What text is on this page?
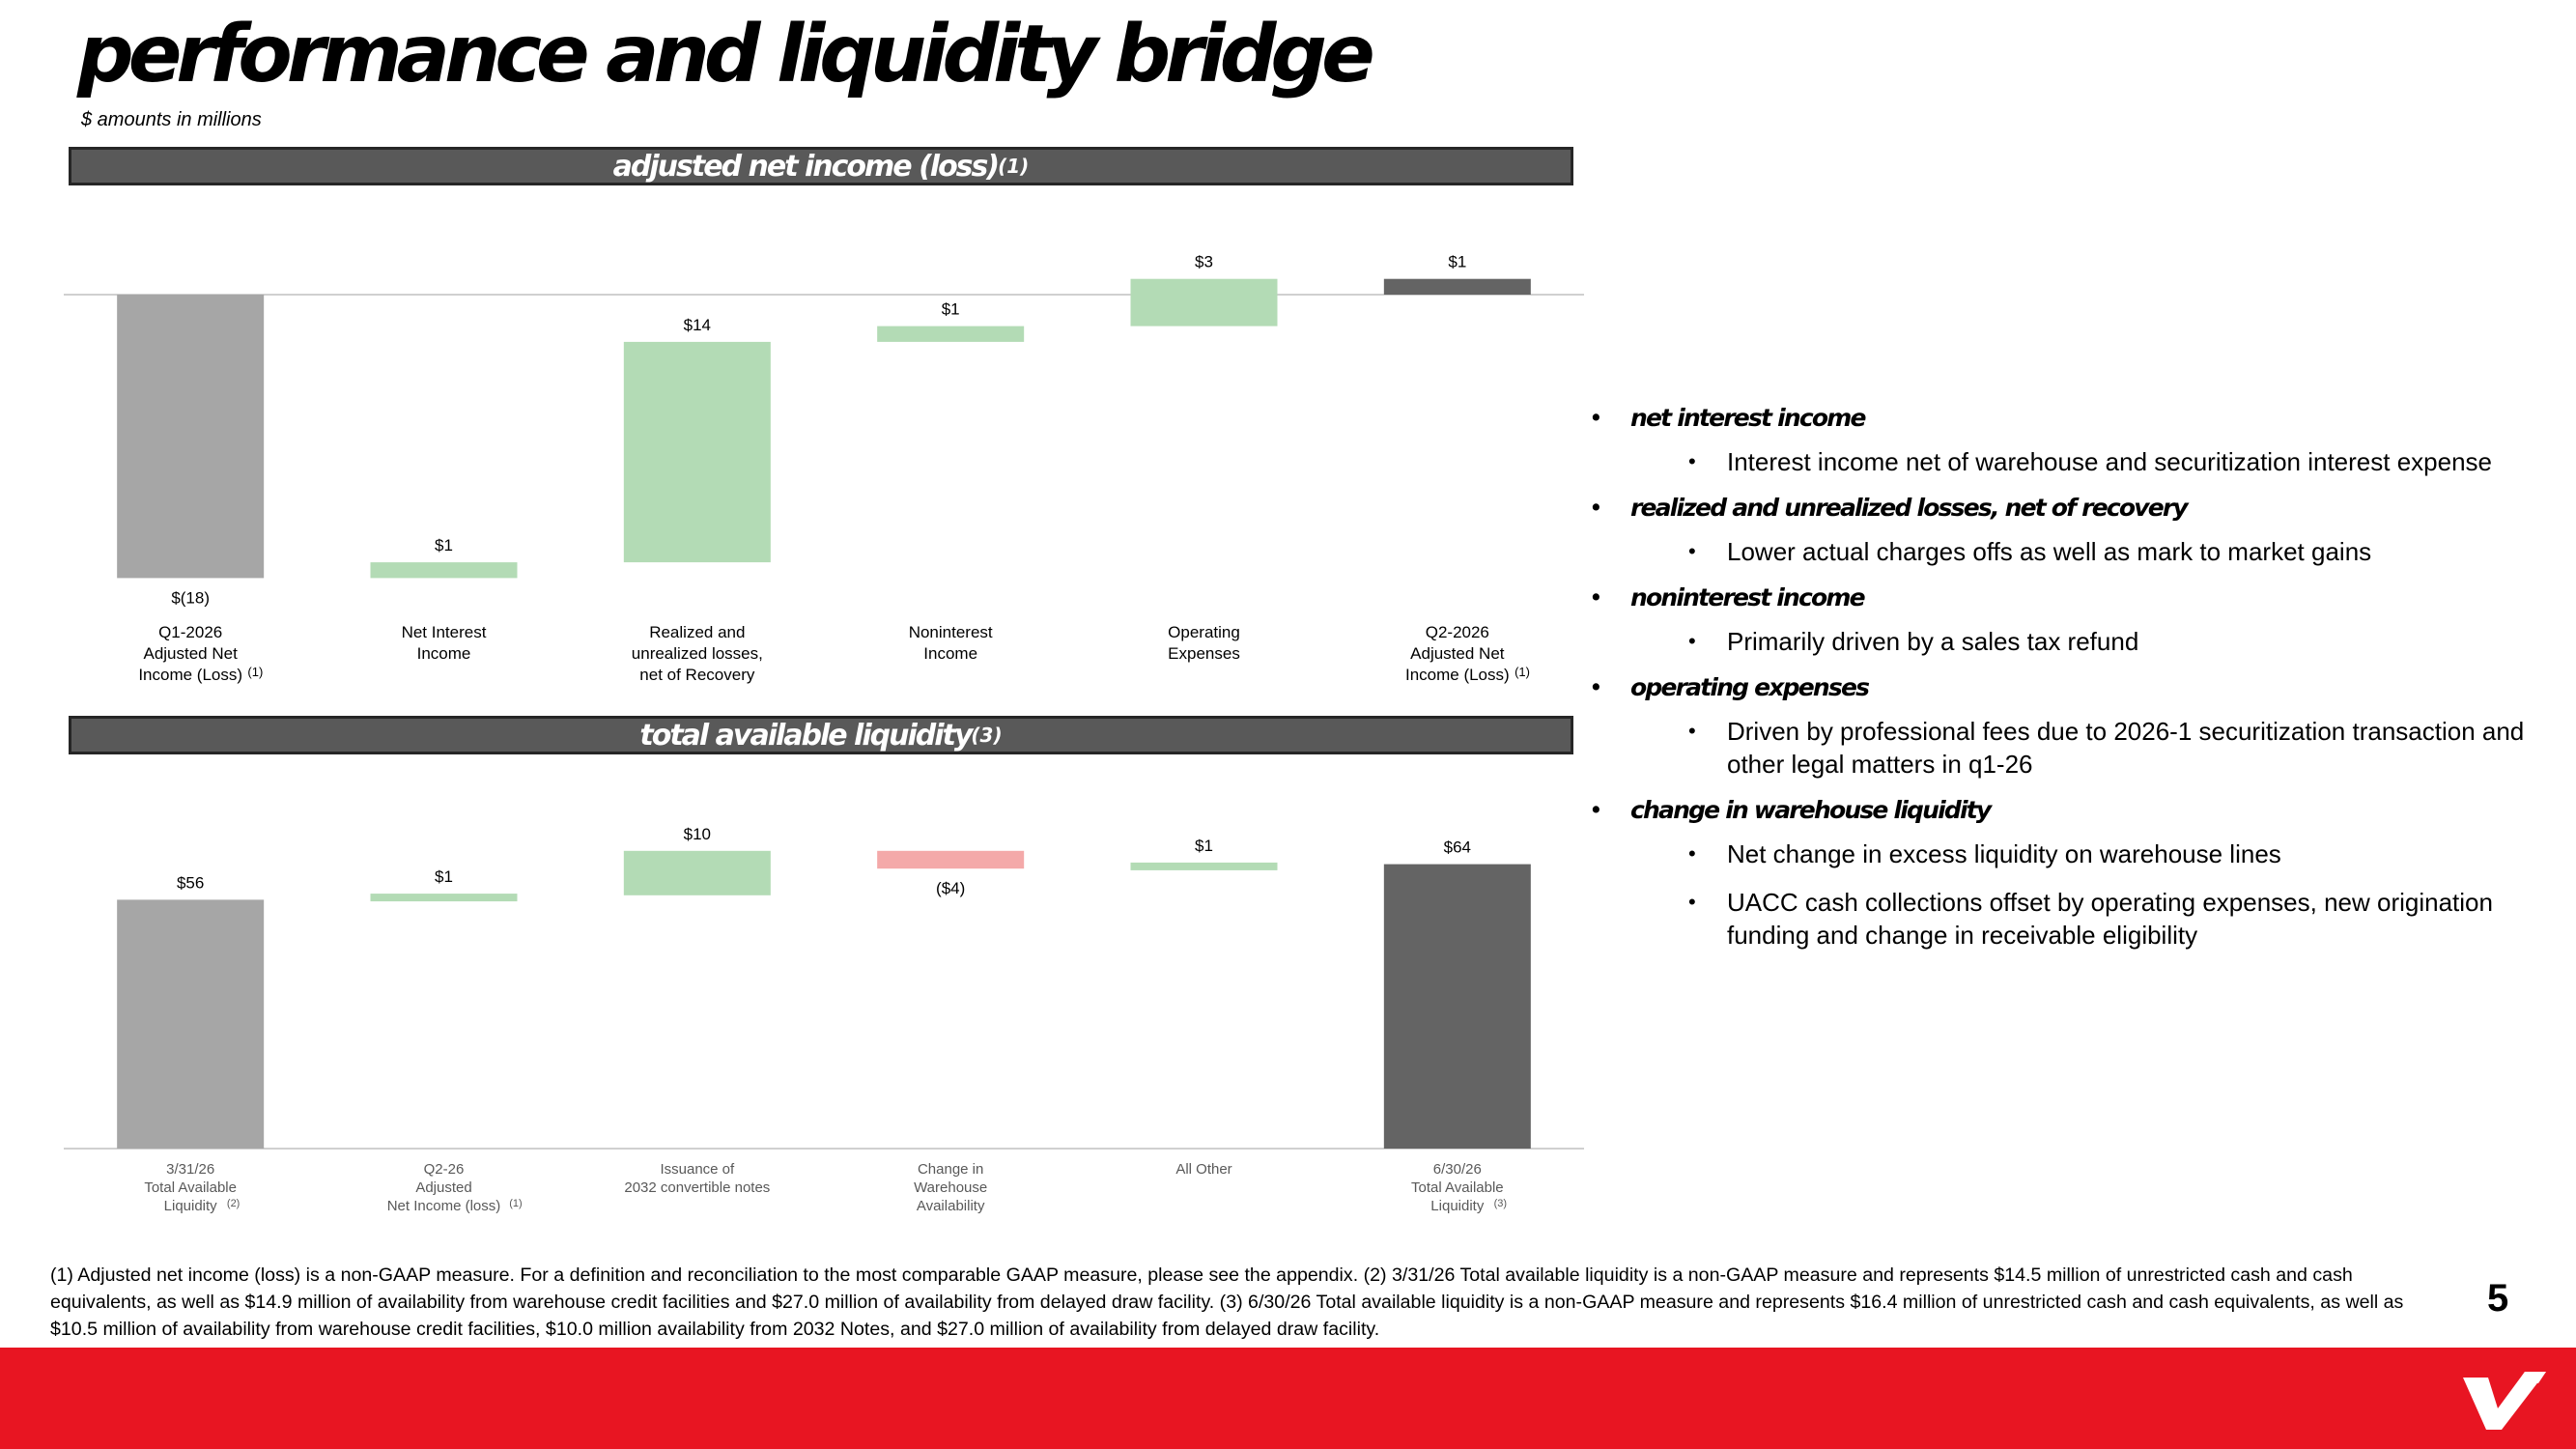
performance and liquidity bridge
$ amounts in millions
adjusted net income (loss) (1)
$(18)
Q1-2026 Adjusted Net Income (Loss) (1)
$1
Net Interest Income
$14
Realized and unrealized losses, net of Recovery
$1
Noninterest Income
$3
Operating Expenses
$1
Q2-2026 Adjusted Net Income (Loss) (1)
total available liquidity (3)
$56
3/31/26 Total Available Liquidity (2)
$1
Q2-26 Adjusted Net Income (loss) (1)
$10
Issuance of 2032 convertible notes
($4)
Change in Warehouse Availability
$1
All Other
$64
6/30/26 Total Available Liquidity (3)
• net interest income
• Interest income net of warehouse and securitization interest expense
• realized and unrealized losses, net of recovery
• Lower actual charges offs as well as mark to market gains
• noninterest income
• Primarily driven by a sales tax refund
• operating expenses
• Driven by professional fees due to 2026-1 securitization transaction and other legal matters in q1-26
• change in warehouse liquidity
• Net change in excess liquidity on warehouse lines
• UACC cash collections offset by operating expenses, new origination funding and change in receivable eligibility
(1) Adjusted net income (loss) is a non-GAAP measure. For a definition and reconciliation to the most comparable GAAP measure, please see the appendix. (2) 3/31/26 Total available liquidity is a non-GAAP measure and represents $14.5 million of unrestricted cash and cash equivalents, as well as $14.9 million of availability from warehouse credit facilities and $27.0 million of availability from delayed draw facility. (3) 6/30/26 Total available liquidity is a non-GAAP measure and represents $16.4 million of unrestricted cash and cash equivalents, as well as $10.5 million of availability from warehouse credit facilities, $10.0 million availability from 2032 Notes, and $27.0 million of availability from delayed draw facility.
5
